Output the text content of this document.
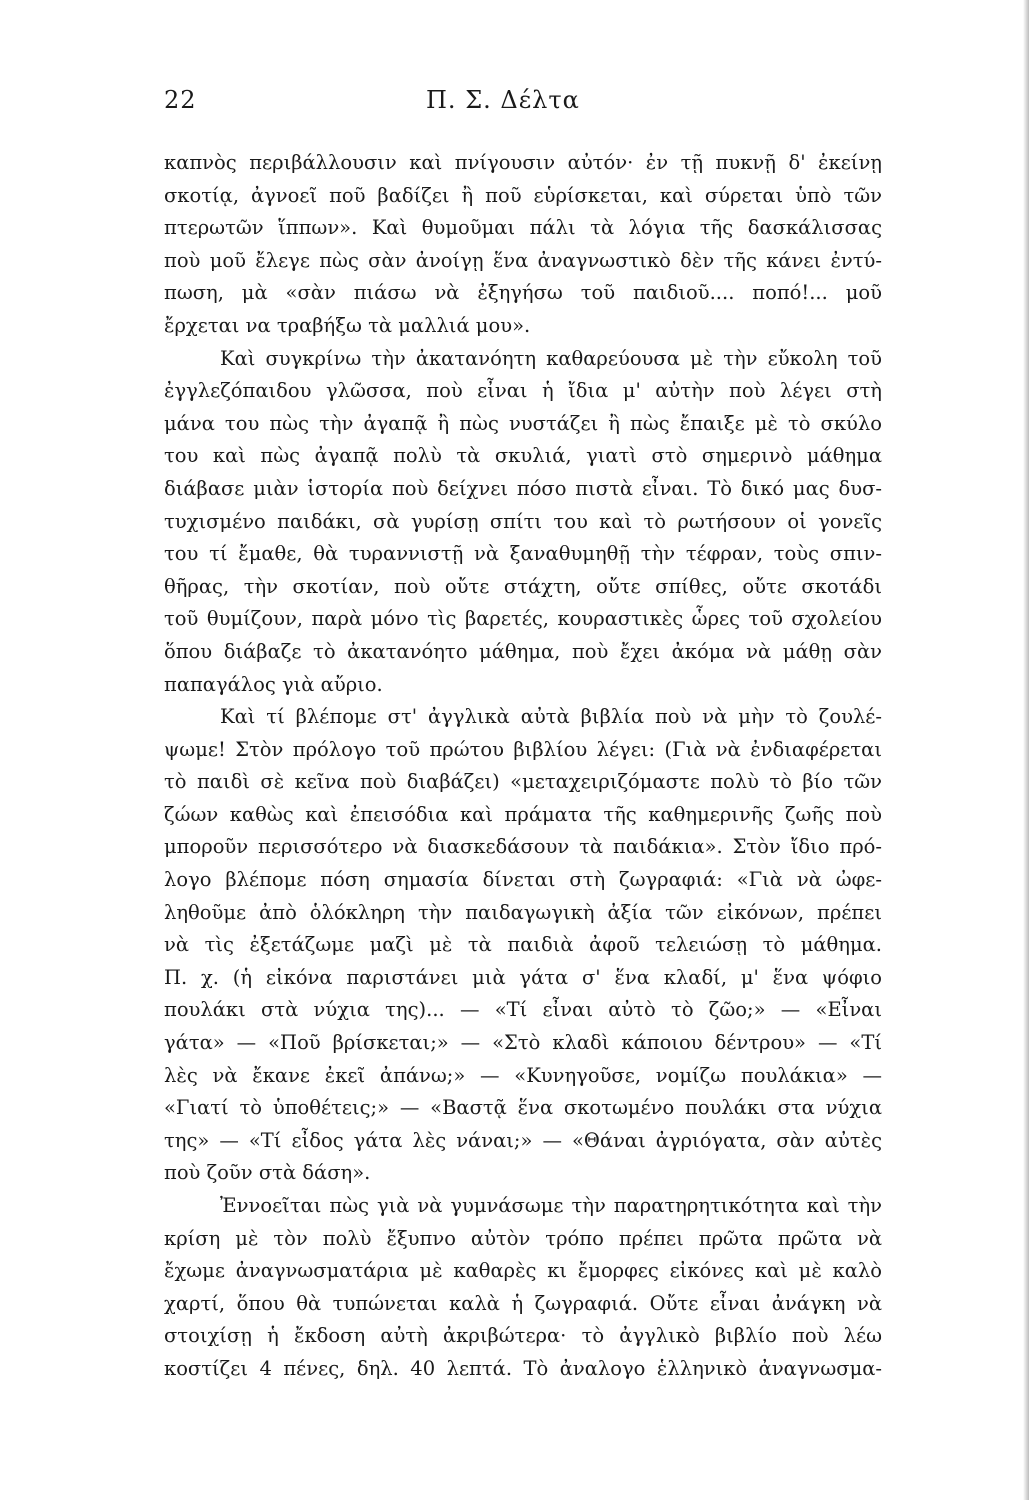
22	Π. Σ. Δέλτα

καπνὸς περιβάλλουσιν καὶ πνίγουσιν αὐτόν· ἐν τῇ πυκνῇ δ' ἐκείνῃ

σκοτίᾳ, ἀγνοεῖ ποῦ βαδίζει ἢ ποῦ εὑρίσκεται, καὶ σύρεται ὑπὸ τῶν

πτερωτῶν ἵππων». Καὶ θυμοῦμαι πάλι τὰ λόγια τῆς δασκάλισσας

ποὺ μοῦ ἔλεγε πὼς σὰν ἀνοίγῃ ἕνα ἀναγνωστικὸ δὲν τῆς κάνει ἐντύ-

πωση, μὰ «σὰν πιάσω νὰ ἐξηγήσω τοῦ παιδιοῦ.... ποπό!... μοῦ

ἔρχεται να τραβήξω τὰ μαλλιά μου».

Καὶ συγκρίνω τὴν ἀκατανόητη καθαρεύουσα μὲ τὴν εὔκολη τοῦ

ἐγγλεζόπαιδου γλῶσσα, ποὺ εἶναι ἡ ἴδια μ' αὐτὴν ποὺ λέγει στὴ

μάνα του πὼς τὴν ἀγαπᾷ ἢ πὼς νυστάζει ἢ πὼς ἔπαιξε μὲ τὸ σκύλο

του καὶ πὼς ἀγαπᾷ πολὺ τὰ σκυλιά, γιατὶ στὸ σημερινὸ μάθημα

διάβασε μιὰν ἱστορία ποὺ δείχνει πόσο πιστὰ εἶναι. Τὸ δικό μας δυσ-

τυχισμένο παιδάκι, σὰ γυρίσῃ σπίτι του καὶ τὸ ρωτήσουν οἱ γονεῖς

του τί ἔμαθε, θὰ τυραννιστῇ νὰ ξαναθυμηθῇ τὴν τέφραν, τοὺς σπιν-

θῆρας, τὴν σκοτίαν, ποὺ οὔτε στάχτη, οὔτε σπίθες, οὔτε σκοτάδι

τοῦ θυμίζουν, παρὰ μόνο τὶς βαρετές, κουραστικὲς ὧρες τοῦ σχολείου

ὅπου διάβαζε τὸ ἀκατανόητο μάθημα, ποὺ ἔχει ἀκόμα νὰ μάθῃ σὰν

παπαγάλος γιὰ αὔριο.

Καὶ τί βλέπομε στ' ἀγγλικὰ αὐτὰ βιβλία ποὺ νὰ μὴν τὸ ζουλέ-

ψωμε! Στὸν πρόλογο τοῦ πρώτου βιβλίου λέγει: (Γιὰ νὰ ἐνδιαφέρεται

τὸ παιδὶ σὲ κεῖνα ποὺ διαβάζει) «μεταχειριζόμαστε πολὺ τὸ βίο τῶν

ζώων καθὼς καὶ ἐπεισόδια καὶ πράματα τῆς καθημερινῆς ζωῆς ποὺ

μποροῦν περισσότερο νὰ διασκεδάσουν τὰ παιδάκια». Στὸν ἴδιο πρό-

λογο βλέπομε πόση σημασία δίνεται στὴ ζωγραφιά: «Γιὰ νὰ ὠφε-

ληθοῦμε ἀπὸ ὁλόκληρη τὴν παιδαγωγικὴ ἀξία τῶν εἰκόνων, πρέπει

νὰ τὶς ἐξετάζωμε μαζὶ μὲ τὰ παιδιὰ ἀφοῦ τελειώσῃ τὸ μάθημα.

Π. χ. (ἡ εἰκόνα παριστάνει μιὰ γάτα σ' ἕνα κλαδί, μ' ἕνα ψόφιο

πουλάκι στὰ νύχια της)... — «Τί εἶναι αὐτὸ τὸ ζῶο;» — «Εἶναι

γάτα» — «Ποῦ βρίσκεται;» — «Στὸ κλαδὶ κάποιου δέντρου» — «Τί

λὲς νὰ ἔκανε ἐκεῖ ἀπάνω;» — «Κυνηγοῦσε, νομίζω πουλάκια» —

«Γιατί τὸ ὑποθέτεις;» — «Βαστᾷ ἕνα σκοτωμένο πουλάκι στα νύχια

της» — «Τί εἶδος γάτα λὲς νάναι;» — «Θάναι ἀγριόγατα, σὰν αὐτὲς

ποὺ ζοῦν στὰ δάση».

Ἐννοεῖται πὼς γιὰ νὰ γυμνάσωμε τὴν παρατηρητικότητα καὶ τὴν

κρίση μὲ τὸν πολὺ ἔξυπνο αὐτὸν τρόπο πρέπει πρῶτα πρῶτα νὰ

ἔχωμε ἀναγνωσματάρια μὲ καθαρὲς κι ἔμορφες εἰκόνες καὶ μὲ καλὸ

χαρτί, ὅπου θὰ τυπώνεται καλὰ ἡ ζωγραφιά. Οὔτε εἶναι ἀνάγκη νὰ

στοιχίσῃ ἡ ἔκδοση αὐτὴ ἀκριβώτερα· τὸ ἀγγλικὸ βιβλίο ποὺ λέω

κοστίζει 4 πένες, δηλ. 40 λεπτά. Τὸ ἀναλογο ἑλληνικὸ ἀναγνωσμα-
